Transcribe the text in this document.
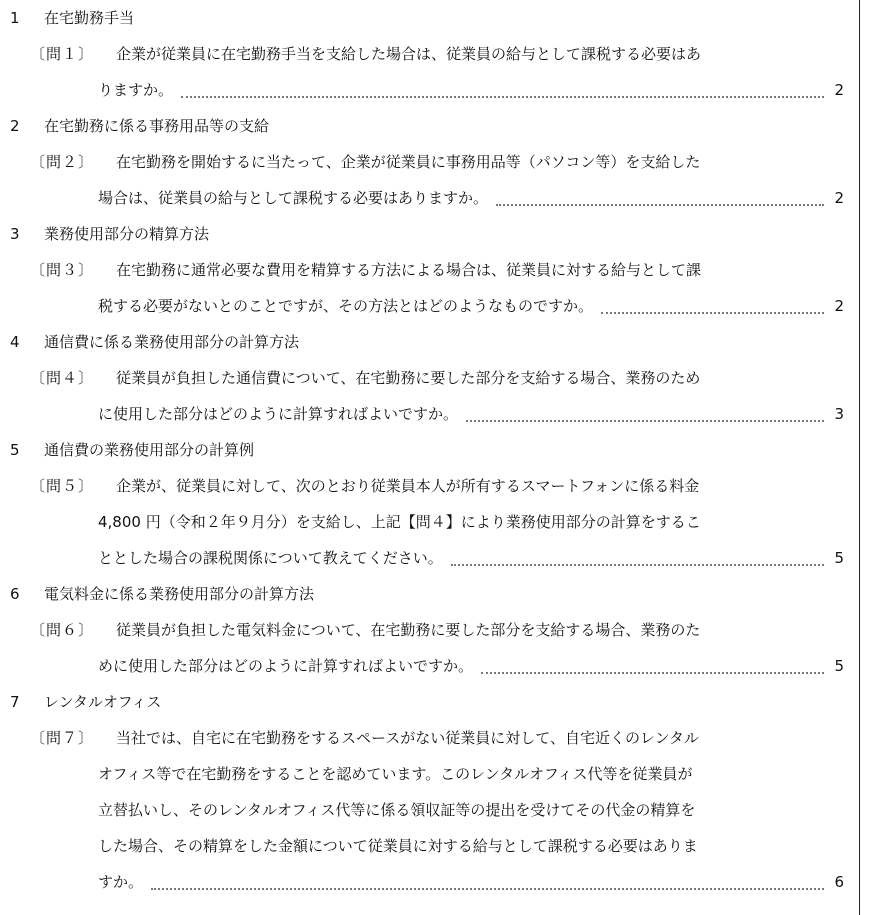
1 在宅勤務手当
〔問１〕 企業が従業員に在宅勤務手当を支給した場合は、従業員の給与として課税する必要はあ
りますか。	2
2 在宅勤務に係る事務用品等の支給
〔問２〕 在宅勤務を開始するに当たって、企業が従業員に事務用品等（パソコン等）を支給した
場合は、従業員の給与として課税する必要はありますか。	2
3 業務使用部分の精算方法
〔問３〕 在宅勤務に通常必要な費用を精算する方法による場合は、従業員に対する給与として課
税する必要がないとのことですが、その方法とはどのようなものですか。	2
4 通信費に係る業務使用部分の計算方法
〔問４〕 従業員が負担した通信費について、在宅勤務に要した部分を支給する場合、業務のため
に使用した部分はどのように計算すればよいですか。	3
5 通信費の業務使用部分の計算例
〔問５〕 企業が、従業員に対して、次のとおり従業員本人が所有するスマートフォンに係る料金
4,800 円（令和２年９月分）を支給し、上記【問４】により業務使用部分の計算をするこ
ととした場合の課税関係について教えてください。	5
6 電気料金に係る業務使用部分の計算方法
〔問６〕 従業員が負担した電気料金について、在宅勤務に要した部分を支給する場合、業務のた
めに使用した部分はどのように計算すればよいですか。	5
7 レンタルオフィス
〔問７〕 当社では、自宅に在宅勤務をするスペースがない従業員に対して、自宅近くのレンタル
オフィス等で在宅勤務をすることを認めています。このレンタルオフィス代等を従業員が
立替払いし、そのレンタルオフィス代等に係る領収証等の提出を受けてその代金の精算を
した場合、その精算をした金額について従業員に対する給与として課税する必要はありま
すか。	6
